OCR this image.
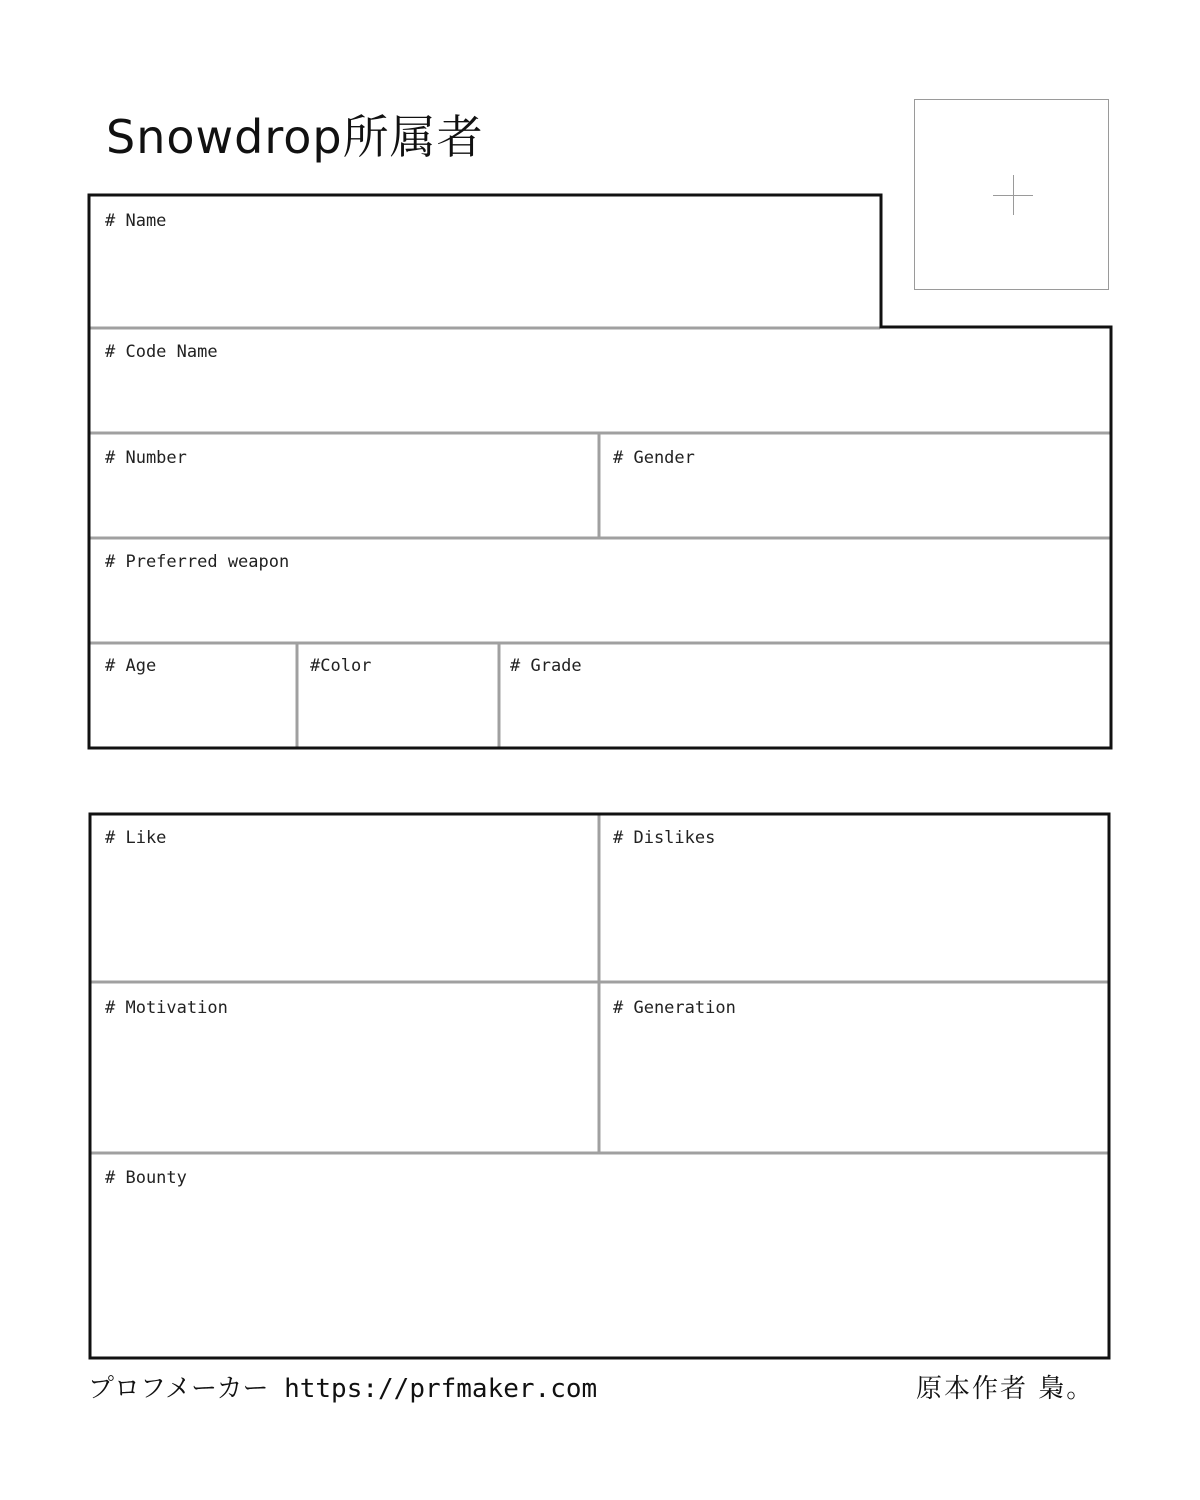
Snowdrop所属者
# Name
# Code Name
# Number	# Gender
# Preferred weapon
# Age	#Color	# Grade
# Like	# Dislikes
# Motivation	# Generation
# Bounty
プロフメーカー https://prfmaker.com	原本作者 梟。
